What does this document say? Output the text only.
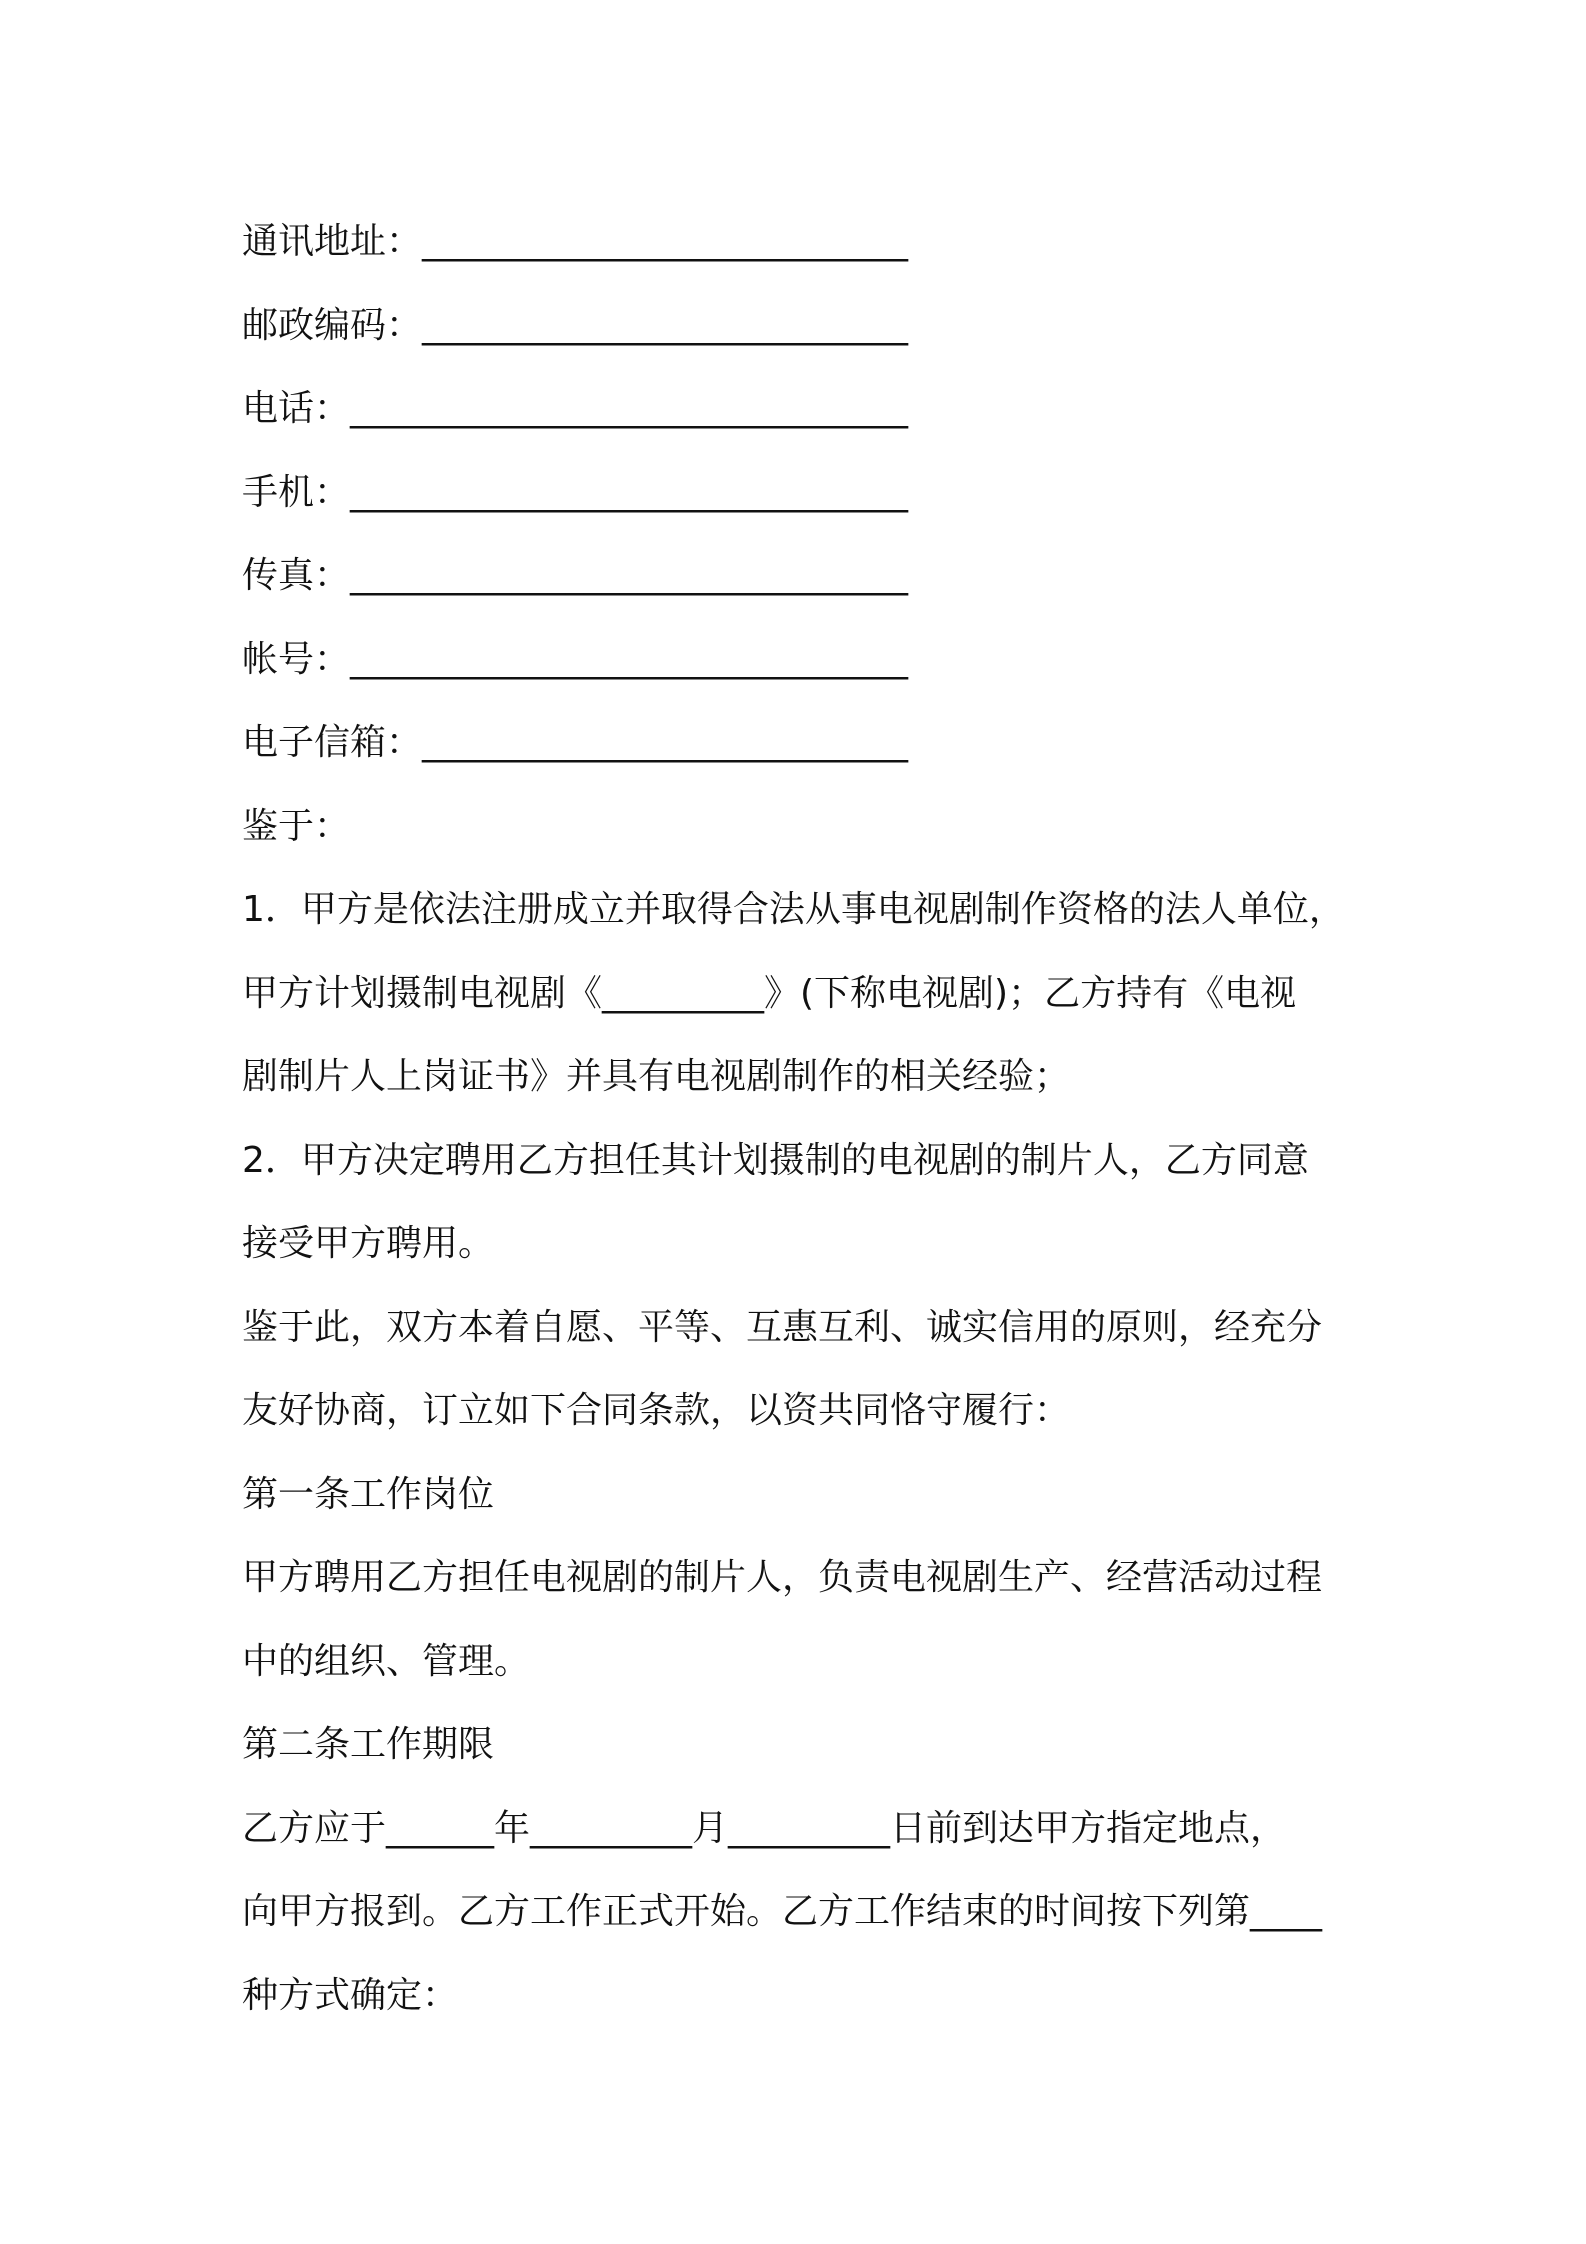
通讯地址：___________________________
邮政编码：___________________________
电话：_______________________________
手机：_______________________________
传真：_______________________________
帐号：_______________________________
电子信箱：___________________________
鉴于：
1．甲方是依法注册成立并取得合法从事电视剧制作资格的法人单位，
甲方计划摄制电视剧《_________》(下称电视剧)；乙方持有《电视
剧制片人上岗证书》并具有电视剧制作的相关经验；
2．甲方决定聘用乙方担任其计划摄制的电视剧的制片人，乙方同意
接受甲方聘用。
鉴于此，双方本着自愿、平等、互惠互利、诚实信用的原则，经充分
友好协商，订立如下合同条款，以资共同恪守履行：
第一条工作岗位
甲方聘用乙方担任电视剧的制片人，负责电视剧生产、经营活动过程
中的组织、管理。
第二条工作期限
乙方应于______年_________月_________日前到达甲方指定地点，
向甲方报到。乙方工作正式开始。乙方工作结束的时间按下列第____
种方式确定：
